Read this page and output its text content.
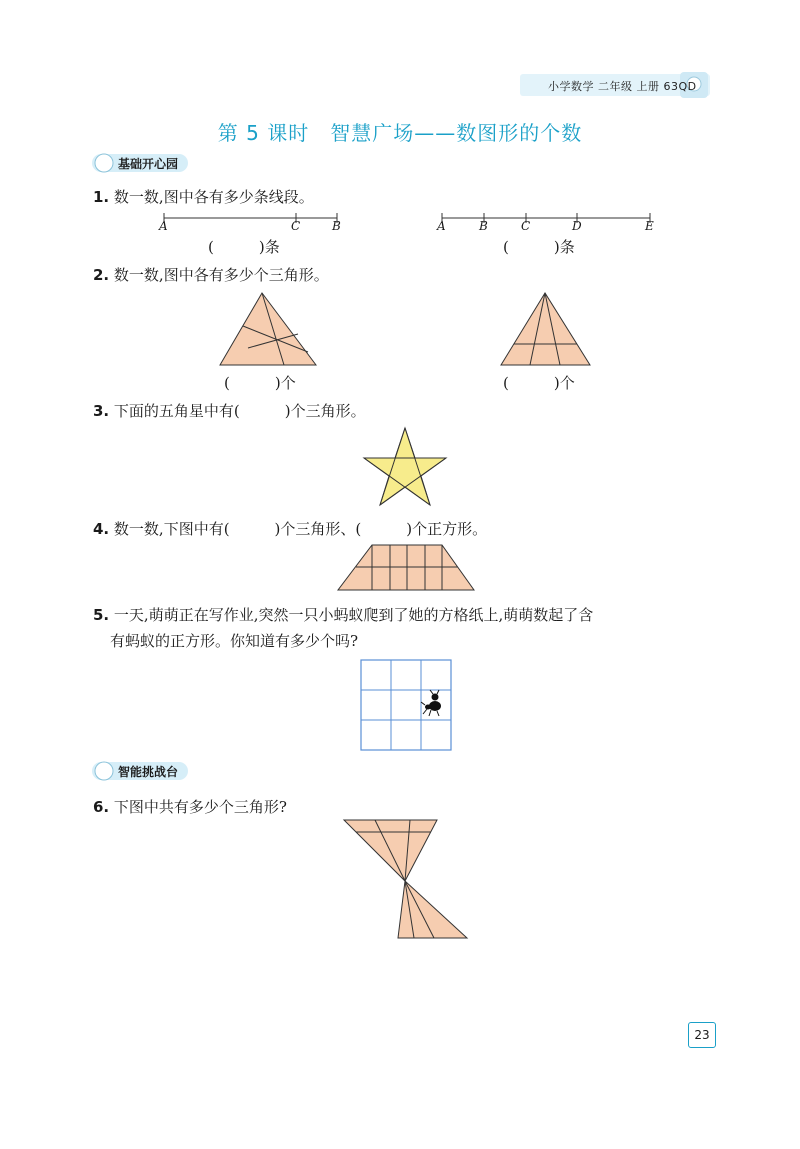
小学数学 二年级 上册 63QD
第 5 课时　智慧广场——数图形的个数
基础开心园
1. 数一数,图中各有多少条线段。
A	C	B	A	B	C	D	E
(　　　)条	(　　　)条
2. 数一数,图中各有多少个三角形。
(　　　)个	(　　　)个
3. 下面的五角星中有(　　　)个三角形。
4. 数一数,下图中有(　　　)个三角形、(　　　)个正方形。
5. 一天,萌萌正在写作业,突然一只小蚂蚁爬到了她的方格纸上,萌萌数起了含
有蚂蚁的正方形。你知道有多少个吗?
智能挑战台
6. 下图中共有多少个三角形?
23
